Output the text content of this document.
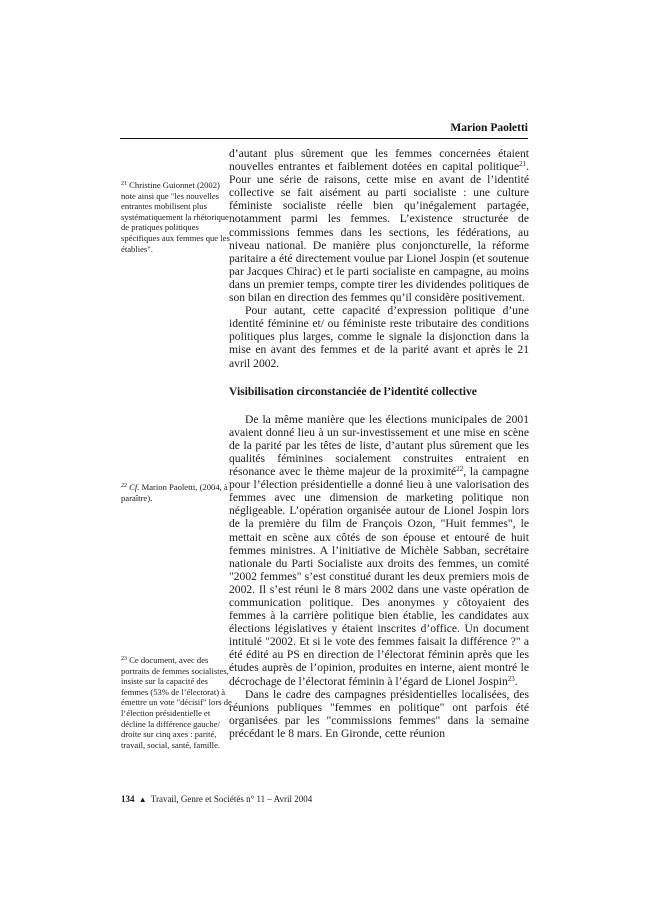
Marion Paoletti

d’autant plus sûrement que les femmes concernées étaient nouvelles entrantes et faiblement dotées en capital politique$^{21}$. Pour une série de raisons, cette mise en avant de l’identité collective se fait aisément au parti socialiste : une culture féministe socialiste réelle bien qu’inégalement partagée, notamment parmi les femmes. L’existence structurée de commissions femmes dans les sections, les fédérations, au niveau national. De manière plus conjoncturelle, la réforme paritaire a été directement voulue par Lionel Jospin (et soutenue par Jacques Chirac) et le parti socialiste en campagne, au moins dans un premier temps, compte tirer les dividendes politiques de son bilan en direction des femmes qu’il considère positivement.

Pour autant, cette capacité d’expression politique d’une identité féminine et/ ou féministe reste tributaire des conditions politiques plus larges, comme le signale la disjonction dans la mise en avant des femmes et de la parité avant et après le 21 avril 2002.

Visibilisation circonstanciée de l’identité collective

De la même manière que les élections municipales de 2001 avaient donné lieu à un sur-investissement et une mise en scène de la parité par les têtes de liste, d’autant plus sûrement que les qualités féminines socialement construites entraient en résonance avec le thème majeur de la proximité$^{22}$, la campagne pour l’élection présidentielle a donné lieu à une valorisation des femmes avec une dimension de marketing politique non négligeable. L’opération organisée autour de Lionel Jospin lors de la première du film de François Ozon, "Huit femmes", le mettait en scène aux côtés de son épouse et entouré de huit femmes ministres. A l’initiative de Michèle Sabban, secrétaire nationale du Parti Socialiste aux droits des femmes, un comité "2002 femmes" s’est constitué durant les deux premiers mois de 2002. Il s’est réuni le 8 mars 2002 dans une vaste opération de communication politique. Des anonymes y côtoyaient des femmes à la carrière politique bien établie, les candidates aux élections législatives y étaient inscrites d’office. Un document intitulé "2002. Et si le vote des femmes faisait la différence ?" a été édité au PS en direction de l’électorat féminin après que les études auprès de l’opinion, produites en interne, aient montré le décrochage de l’électorat féminin à l’égard de Lionel Jospin$^{23}$.

Dans le cadre des campagnes présidentielles localisées, des réunions publiques "femmes en politique" ont parfois été organisées par les "commissions femmes" dans la semaine précédant le 8 mars. En Gironde, cette réunion

$^{21}$ Christine Guionnet (2002) note ainsi que "les nouvelles entrantes mobilisent plus systématiquement la rhétorique de pratiques politiques spécifiques aux femmes que les établies".
$^{22}$ Cf. Marion Paoletti, (2004, à paraître).
$^{23}$ Ce document, avec des portraits de femmes socialistes, insiste sur la capacité des femmes (53% de l’électorat) à émettre un vote "décisif" lors de l’élection présidentielle et décline la différence gauche/ droite sur cinq axes : parité, travail, social, santé, famille.
134 ▲ Travail, Genre et Sociétés n° 11 – Avril 2004
